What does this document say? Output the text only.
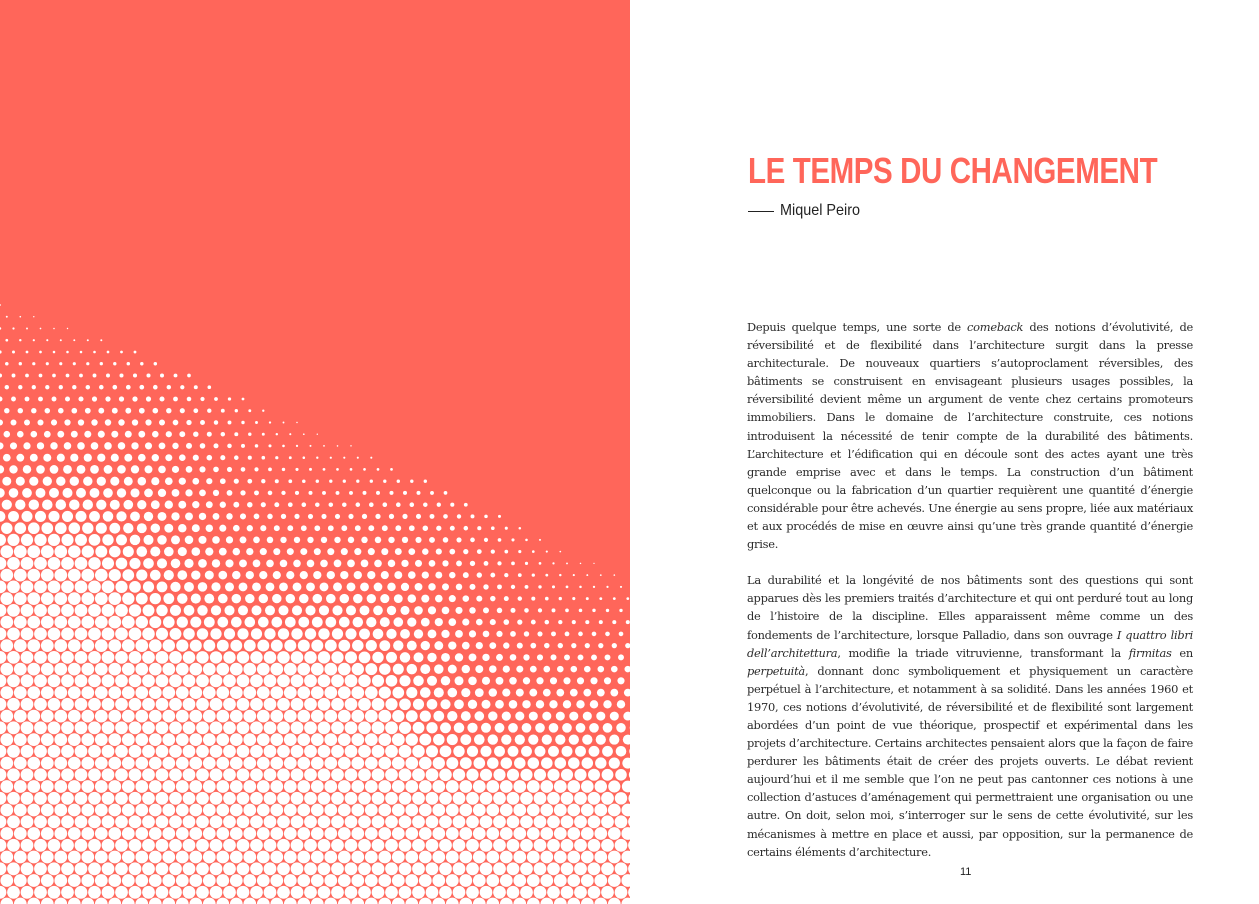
LE TEMPS DU CHANGEMENT
Miquel Peiro

Depuis quelque temps, une sorte de comeback des notions d’évolutivité, de réversibilité et de flexibilité dans l’architecture surgit dans la presse architecturale. De nouveaux quartiers s’autoproclament réversibles, des bâtiments se construisent en envisageant plusieurs usages possibles, la réversibilité devient même un argument de vente chez certains promoteurs immobiliers. Dans le domaine de l’architecture construite, ces notions introduisent la nécessité de tenir compte de la durabilité des bâtiments. L’architecture et l’édification qui en découle sont des actes ayant une très grande emprise avec et dans le temps. La construction d’un bâtiment quelconque ou la fabrication d’un quartier requièrent une quantité d’énergie considérable pour être achevés. Une énergie au sens propre, liée aux matériaux et aux procédés de mise en œuvre ainsi qu’une très grande quantité d’énergie grise.

La durabilité et la longévité de nos bâtiments sont des questions qui sont apparues dès les premiers traités d’architecture et qui ont perduré tout au long de l’histoire de la discipline. Elles apparaissent même comme un des fondements de l’architecture, lorsque Palladio, dans son ouvrage I quattro libri dell’architettura, modifie la triade vitruvienne, transformant la firmitas en perpetuità, donnant donc symboliquement et physiquement un caractère perpétuel à l’architecture, et notamment à sa solidité. Dans les années 1960 et 1970, ces notions d’évolutivité, de réversibilité et de flexibilité sont largement abordées d’un point de vue théorique, prospectif et expérimental dans les projets d’architecture. Certains architectes pensaient alors que la façon de faire perdurer les bâtiments était de créer des projets ouverts. Le débat revient aujourd’hui et il me semble que l’on ne peut pas cantonner ces notions à une collection d’astuces d’aménagement qui permettraient une organisation ou une autre. On doit, selon moi, s’interroger sur le sens de cette évolutivité, sur les mécanismes à mettre en place et aussi, par opposition, sur la permanence de certains éléments d’architecture.

11
